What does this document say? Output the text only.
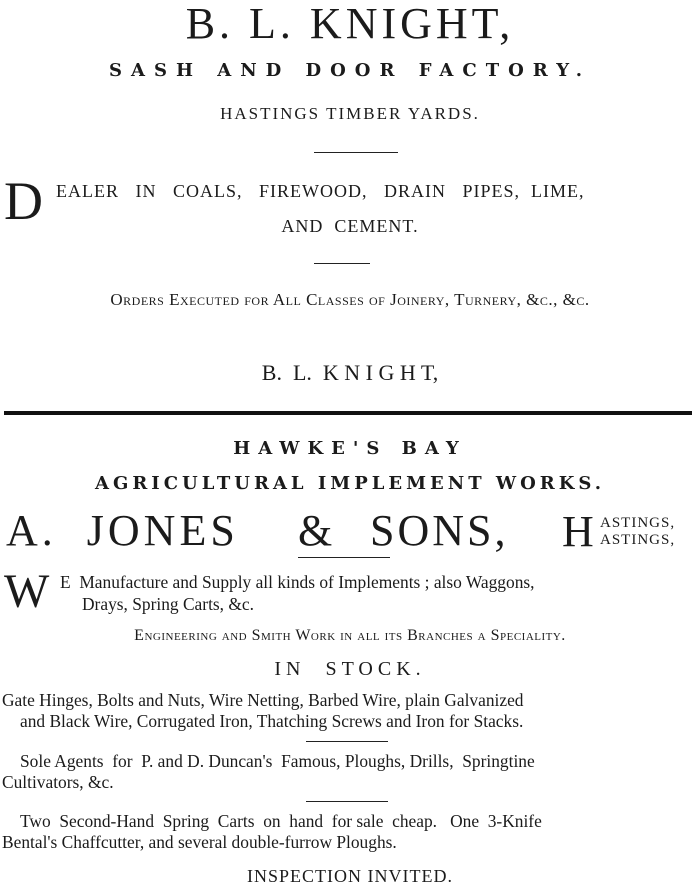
B. L. KNIGHT,
SASH AND DOOR FACTORY.
HASTINGS TIMBER YARDS.
D EALER   IN   COALS,   FIREWOOD,   DRAIN   PIPES,  LIME,
AND  CEMENT.
Orders Executed for All Classes of Joinery, Turnery, &c., &c.
B.  L.  K N I G H T,
HAWKE'S BAY
AGRICULTURAL IMPLEMENT WORKS.
A.  JONES & SONS, H ASTINGS,
ASTINGS,
W E  Manufacture and Supply all kinds of Implements ; also Waggons,
Drays, Spring Carts, &c.
Engineering and Smith Work in all its Branches a Speciality.
IN  STOCK.
Gate Hinges, Bolts and Nuts, Wire Netting, Barbed Wire, plain Galvanized
and Black Wire, Corrugated Iron, Thatching Screws and Iron for Stacks.
Sole Agents  for  P. and D. Duncan's  Famous, Ploughs, Drills,  Springtine
Cultivators, &c.
Two  Second-Hand  Spring  Carts  on  hand  for sale  cheap.   One  3-Knife
Bental's Chaffcutter, and several double-furrow Ploughs.
INSPECTION INVITED.
